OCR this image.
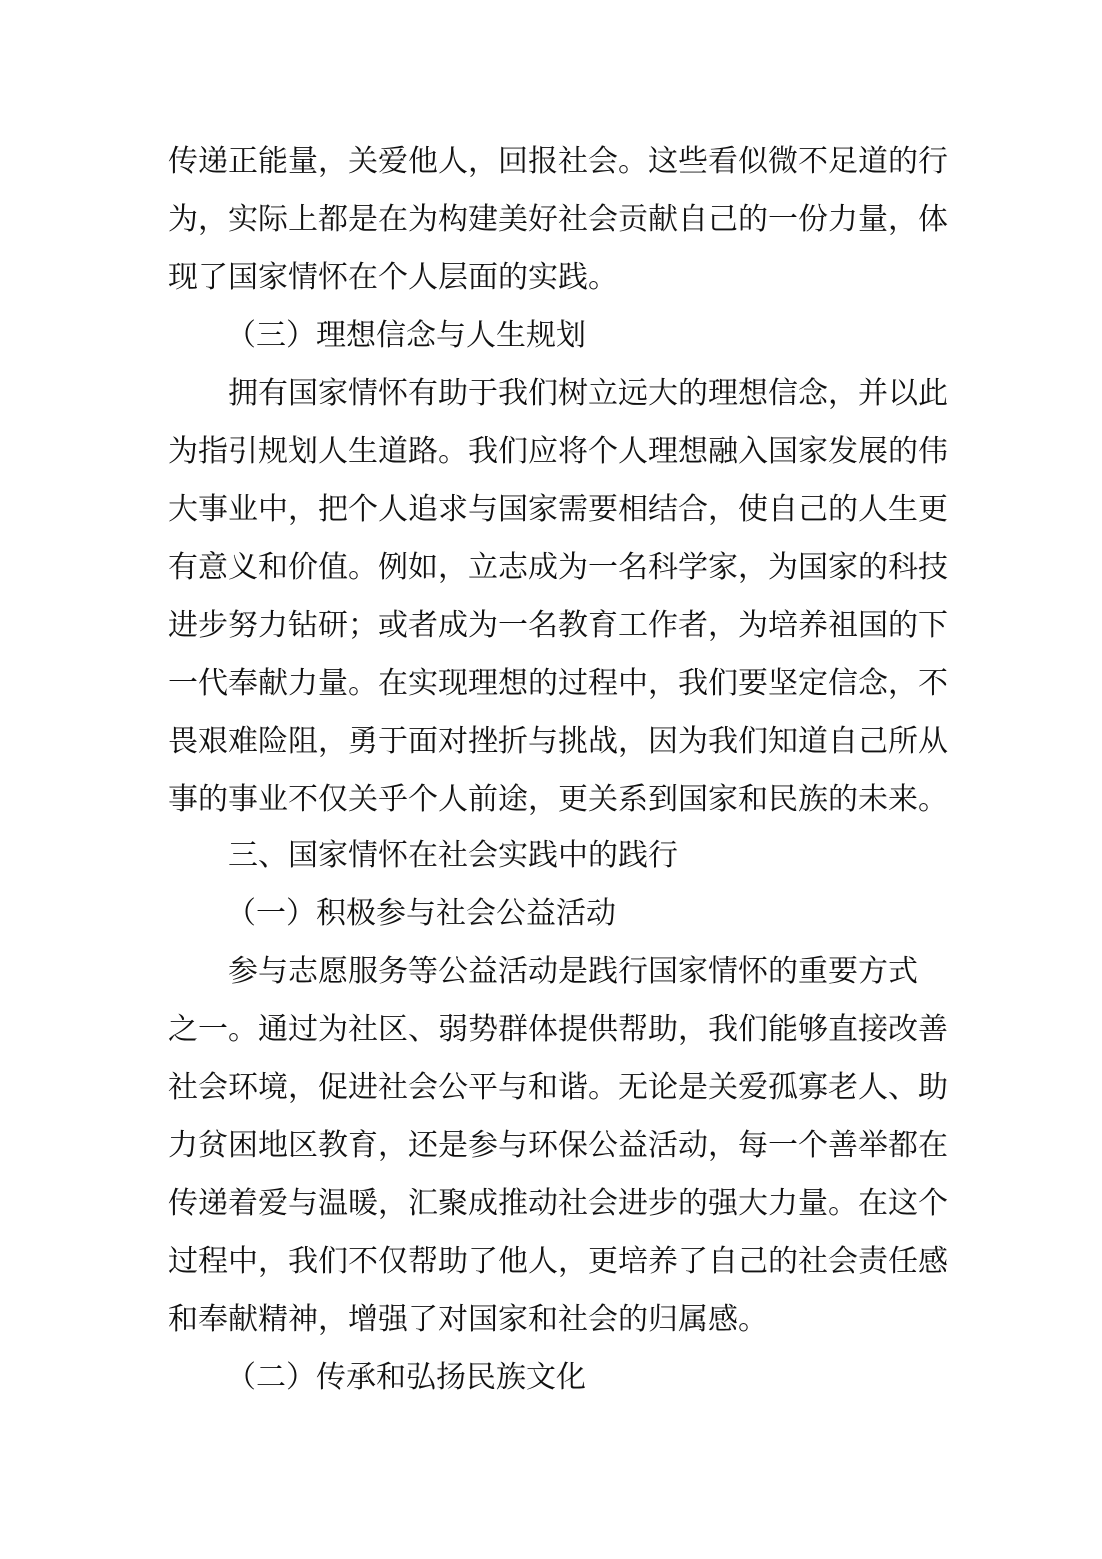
传递正能量，关爱他人，回报社会。这些看似微不足道的行
为，实际上都是在为构建美好社会贡献自己的一份力量，体
现了国家情怀在个人层面的实践。
（三）理想信念与人生规划
拥有国家情怀有助于我们树立远大的理想信念，并以此
为指引规划人生道路。我们应将个人理想融入国家发展的伟
大事业中，把个人追求与国家需要相结合，使自己的人生更
有意义和价值。例如，立志成为一名科学家，为国家的科技
进步努力钻研；或者成为一名教育工作者，为培养祖国的下
一代奉献力量。在实现理想的过程中，我们要坚定信念，不
畏艰难险阻，勇于面对挫折与挑战，因为我们知道自己所从
事的事业不仅关乎个人前途，更关系到国家和民族的未来。
三、国家情怀在社会实践中的践行
（一）积极参与社会公益活动
参与志愿服务等公益活动是践行国家情怀的重要方式
之一。通过为社区、弱势群体提供帮助，我们能够直接改善
社会环境，促进社会公平与和谐。无论是关爱孤寡老人、助
力贫困地区教育，还是参与环保公益活动，每一个善举都在
传递着爱与温暖，汇聚成推动社会进步的强大力量。在这个
过程中，我们不仅帮助了他人，更培养了自己的社会责任感
和奉献精神，增强了对国家和社会的归属感。
（二）传承和弘扬民族文化
